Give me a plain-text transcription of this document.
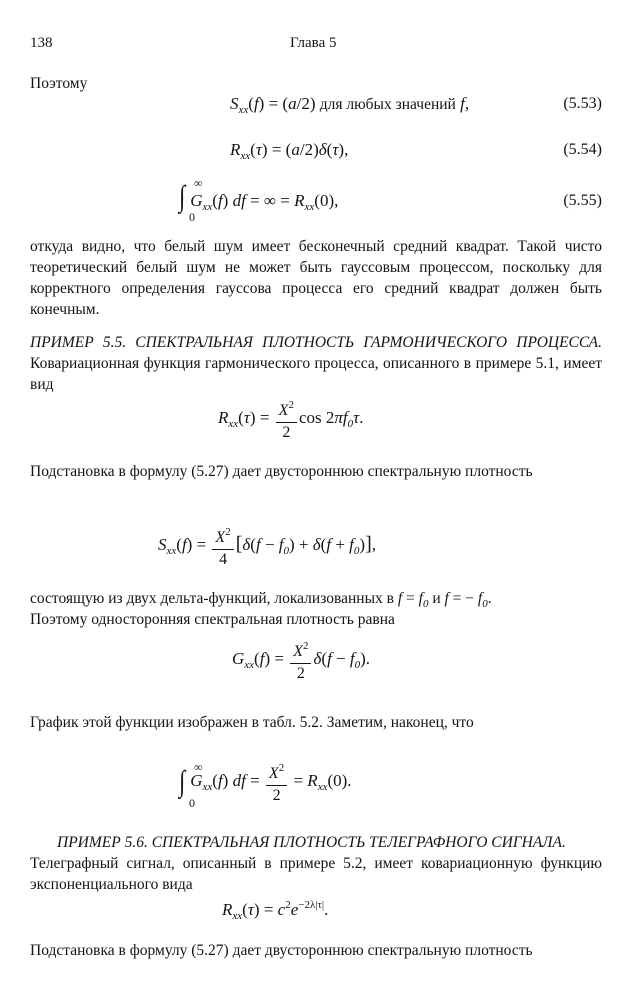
138	Глава 5
Поэтому
$S_{xx}(f) = (a/2)$ для любых значений f,	(5.53)
$R_{xx}(\tau) = (a/2)\delta(\tau)$,	(5.54)
∫ ∞
0
$G_{xx}(f)$ df = ∞ = $R_{xx}(0)$,	(5.55)
откуда видно, что белый шум имеет бесконечный средний квадрат. Такой чисто теоретический белый шум не может быть гауссовым процессом, поскольку для корректного определения гауссова процесса его средний квадрат должен быть конечным.
ПРИМЕР 5.5. СПЕКТРАЛЬНАЯ ПЛОТНОСТЬ ГАРМОНИЧЕСКОГО ПРОЦЕССА. Ковариационная функция гармонического процесса, описанного в примере 5.1, имеет вид
$R_{xx}(\tau) = \frac{X^2}{2}$ $\cos 2\pi f_0\tau$.
Подстановка в формулу (5.27) дает двустороннюю спектральную плотность
$S_{xx}(f) = \frac{X^2}{4} [\delta(f - f_0) + \delta(f + f_0)]$,
состоящую из двух дельта-функций, локализованных в $f = f_0$ и f = − $f_0$.
Поэтому односторонняя спектральная плотность равна
$G_{xx}(f) = \frac{X^2}{2} \delta(f - f_0)$.
График этой функции изображен в табл. 5.2. Заметим, наконец, что
∫ ∞
0
$G_{xx}(f)$ df = $\frac{X^2}{2} = R_{xx}(0)$.
ПРИМЕР 5.6. СПЕКТРАЛЬНАЯ ПЛОТНОСТЬ ТЕЛЕГРАФНОГО СИГНАЛА.
Телеграфный сигнал, описанный в примере 5.2, имеет ковариационную функцию экспоненциального вида
$R_{xx}(\tau) = c^2e^{-2\lambda|\tau|}$.
Подстановка в формулу (5.27) дает двустороннюю спектральную плотность
